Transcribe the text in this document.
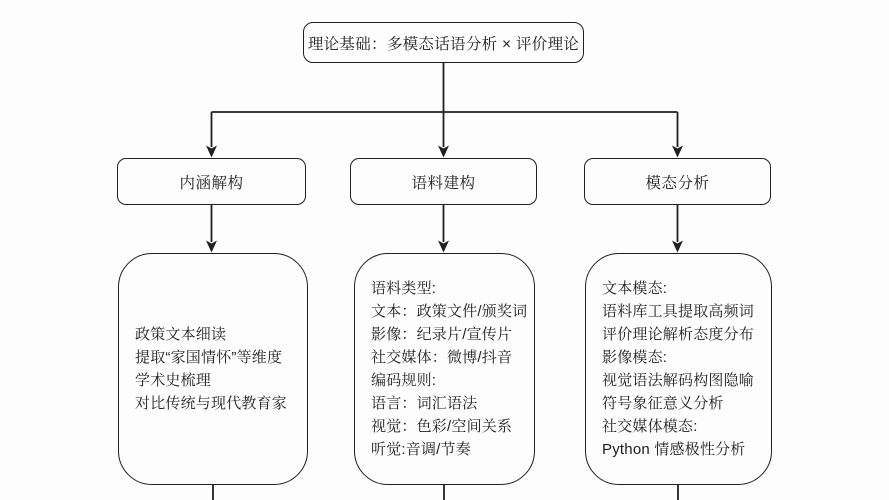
理论基础：多模态话语分析 × 评价理论
内涵解构	语料建构	模态分析
政策文本细读
提取“家国情怀”等维度
学术史梳理
对比传统与现代教育家
语料类型:
文本：政策文件/颁奖词
影像：纪录片/宣传片
社交媒体：微博/抖音
编码规则:
语言：词汇语法
视觉：色彩/空间关系
听觉:音调/节奏
文本模态:
语料库工具提取高频词
评价理论解析态度分布
影像模态:
视觉语法解码构图隐喻
符号象征意义分析
社交媒体模态:
Python 情感极性分析
